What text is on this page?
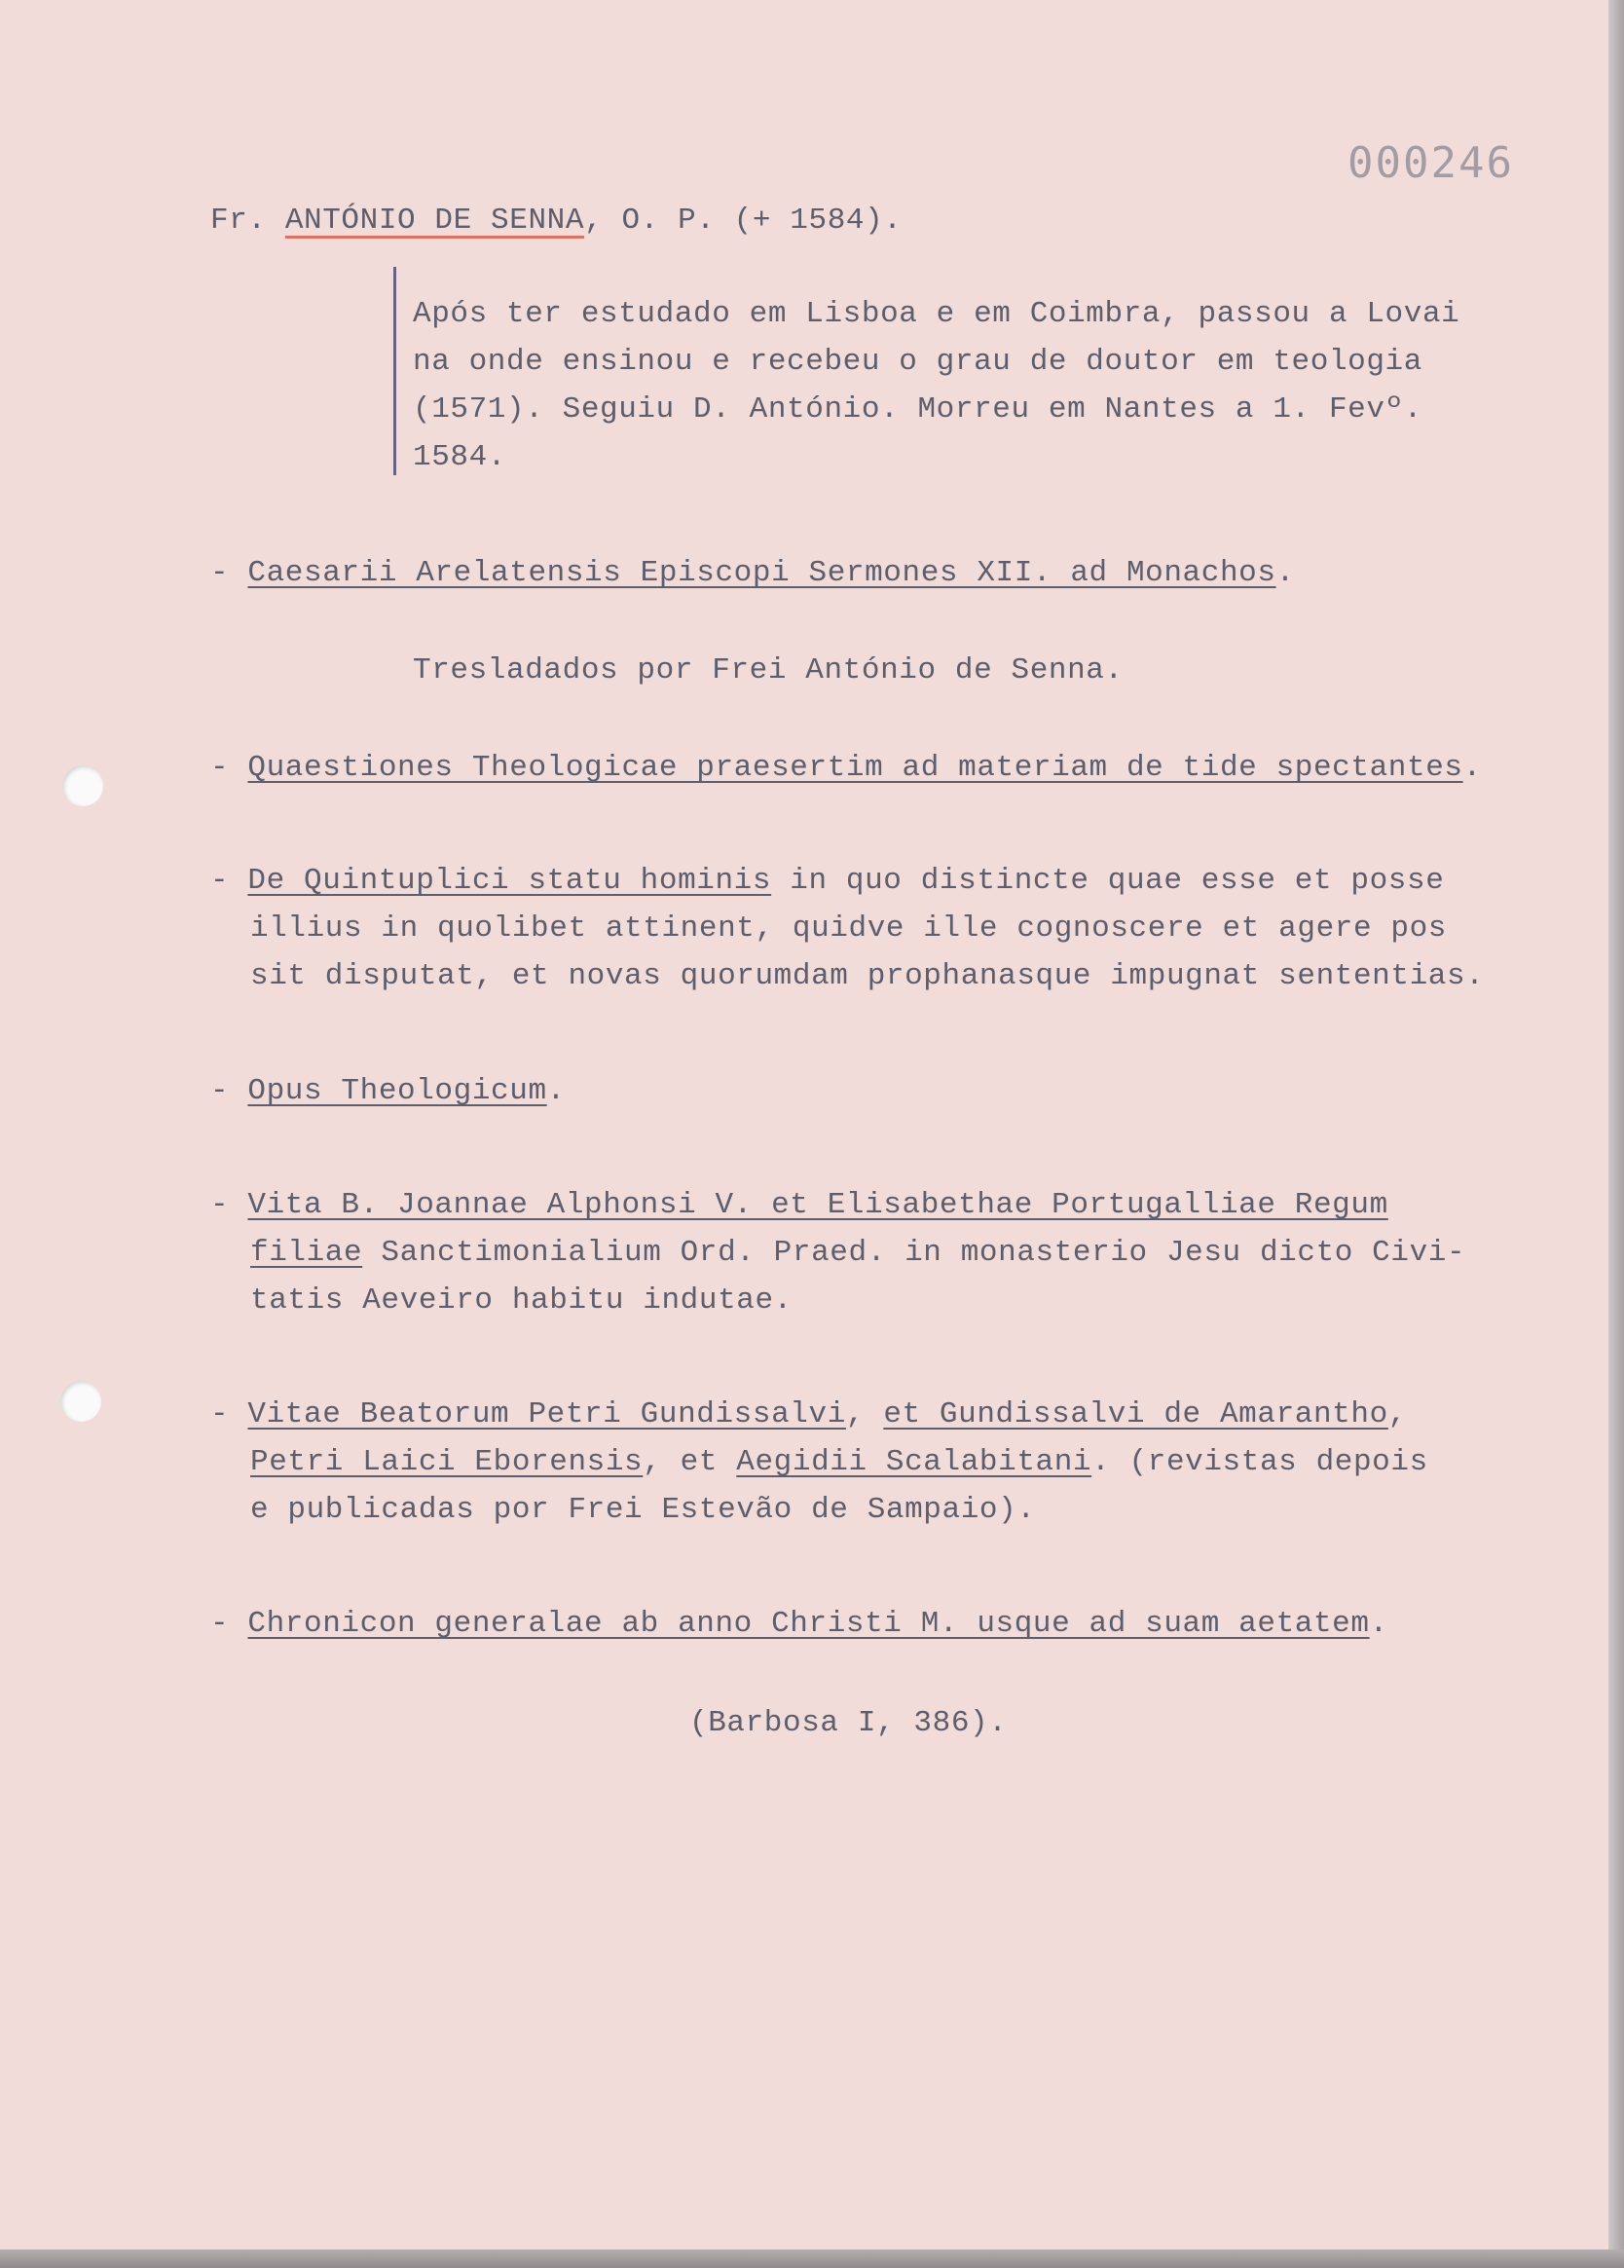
000246
Fr. ANTÓNIO DE SENNA, O. P. (+ 1584).
Após ter estudado em Lisboa e em Coimbra, passou a Lovai
na onde ensinou e recebeu o grau de doutor em teologia
(1571). Seguiu D. António. Morreu em Nantes a 1. Fevº.
1584.
- Caesarii Arelatensis Episcopi Sermones XII. ad Monachos.
Tresladados por Frei António de Senna.
- Quaestiones Theologicae praesertim ad materiam de tide spectantes.
- De Quintuplici statu hominis in quo distincte quae esse et posse
illius in quolibet attinent, quidve ille cognoscere et agere pos
sit disputat, et novas quorumdam prophanasque impugnat sententias.
- Opus Theologicum.
- Vita B. Joannae Alphonsi V. et Elisabethae Portugalliae Regum
filiae Sanctimonialium Ord. Praed. in monasterio Jesu dicto Civi-
tatis Aeveiro habitu indutae.
- Vitae Beatorum Petri Gundissalvi, et Gundissalvi de Amarantho,
Petri Laici Eborensis, et Aegidii Scalabitani. (revistas depois
e publicadas por Frei Estevão de Sampaio).
- Chronicon generalae ab anno Christi M. usque ad suam aetatem.
(Barbosa I, 386).
